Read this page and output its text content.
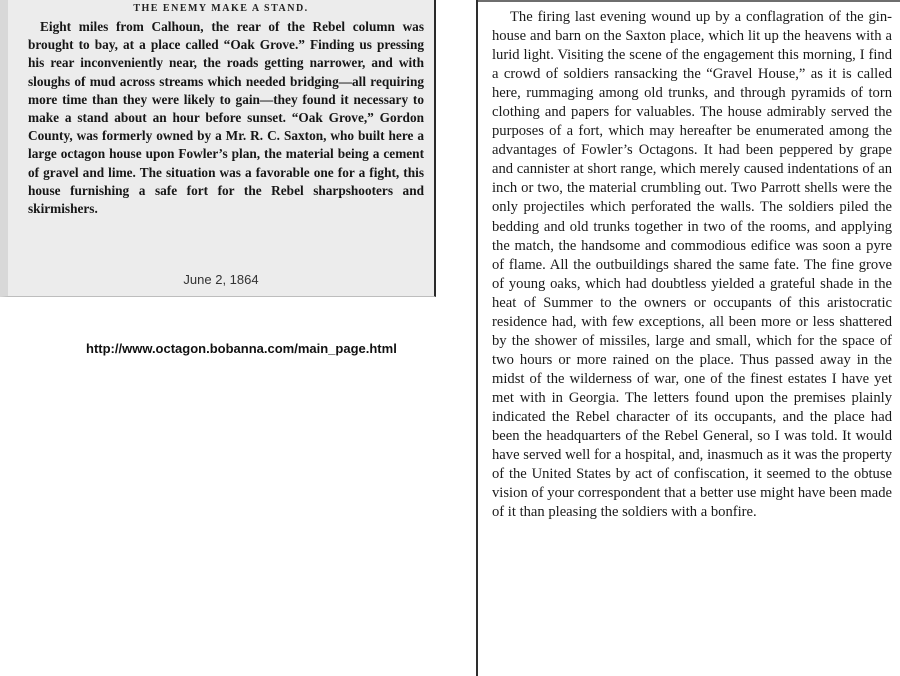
THE ENEMY MAKE A STAND.
Eight miles from Calhoun, the rear of the Rebel column was brought to bay, at a place called “Oak Grove.” Finding us pressing his rear inconveniently near, the roads getting narrower, and with sloughs of mud across streams which needed bridging—all requiring more time than they were likely to gain—they found it necessary to make a stand about an hour before sunset. “Oak Grove,” Gordon County, was formerly owned by a Mr. R. C. Saxton, who built here a large octagon house upon Fowler’s plan, the material being a cement of gravel and lime. The situation was a favorable one for a fight, this house furnishing a safe fort for the Rebel sharpshooters and skirmishers.
June 2, 1864
http://www.octagon.bobanna.com/main_page.html
The firing last evening wound up by a conflagration of the gin-house and barn on the Saxton place, which lit up the heavens with a lurid light. Visiting the scene of the engagement this morning, I find a crowd of soldiers ransacking the “Gravel House,” as it is called here, rummaging among old trunks, and through pyramids of torn clothing and papers for valuables. The house admirably served the purposes of a fort, which may hereafter be enumerated among the advantages of Fowler’s Octagons. It had been peppered by grape and cannister at short range, which merely caused indentations of an inch or two, the material crumbling out. Two Parrott shells were the only projectiles which perforated the walls. The soldiers piled the bedding and old trunks together in two of the rooms, and applying the match, the handsome and commodious edifice was soon a pyre of flame. All the outbuildings shared the same fate. The fine grove of young oaks, which had doubtless yielded a grateful shade in the heat of Summer to the owners or occupants of this aristocratic residence had, with few exceptions, all been more or less shattered by the shower of missiles, large and small, which for the space of two hours or more rained on the place. Thus passed away in the midst of the wilderness of war, one of the finest estates I have yet met with in Georgia. The letters found upon the premises plainly indicated the Rebel character of its occupants, and the place had been the headquarters of the Rebel General, so I was told. It would have served well for a hospital, and, inasmuch as it was the property of the United States by act of confiscation, it seemed to the obtuse vision of your correspondent that a better use might have been made of it than pleasing the soldiers with a bonfire.
